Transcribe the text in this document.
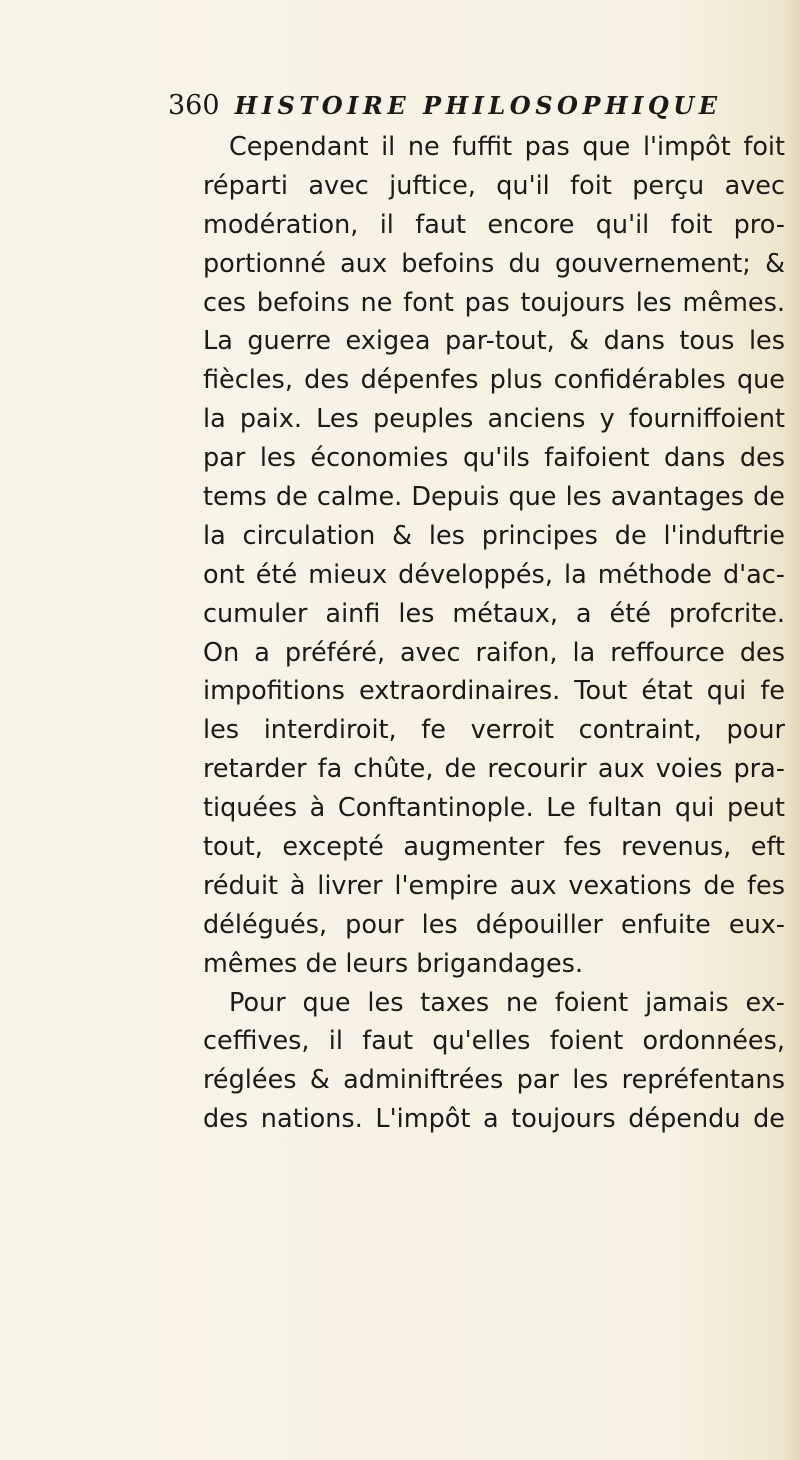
360 HISTOIRE PHILOSOPHIQUE
Cependant il ne fuffit pas que l'impôt foit
réparti avec juftice, qu'il foit perçu avec
modération, il faut encore qu'il foit pro-
portionné aux befoins du gouvernement; &
ces befoins ne font pas toujours les mêmes.
La guerre exigea par-tout, & dans tous les
fiècles, des dépenfes plus confidérables que
la paix. Les peuples anciens y fourniffoient
par les économies qu'ils faifoient dans des
tems de calme. Depuis que les avantages de
la circulation & les principes de l'induftrie
ont été mieux développés, la méthode d'ac-
cumuler ainfi les métaux, a été profcrite.
On a préféré, avec raifon, la reffource des
impofitions extraordinaires. Tout état qui fe
les interdiroit, fe verroit contraint, pour
retarder fa chûte, de recourir aux voies pra-
tiquées à Conftantinople. Le fultan qui peut
tout, excepté augmenter fes revenus, eft
réduit à livrer l'empire aux vexations de fes
délégués, pour les dépouiller enfuite eux-
mêmes de leurs brigandages.
Pour que les taxes ne foient jamais ex-
ceffives, il faut qu'elles foient ordonnées,
réglées & adminiftrées par les repréfentans
des nations. L'impôt a toujours dépendu de
